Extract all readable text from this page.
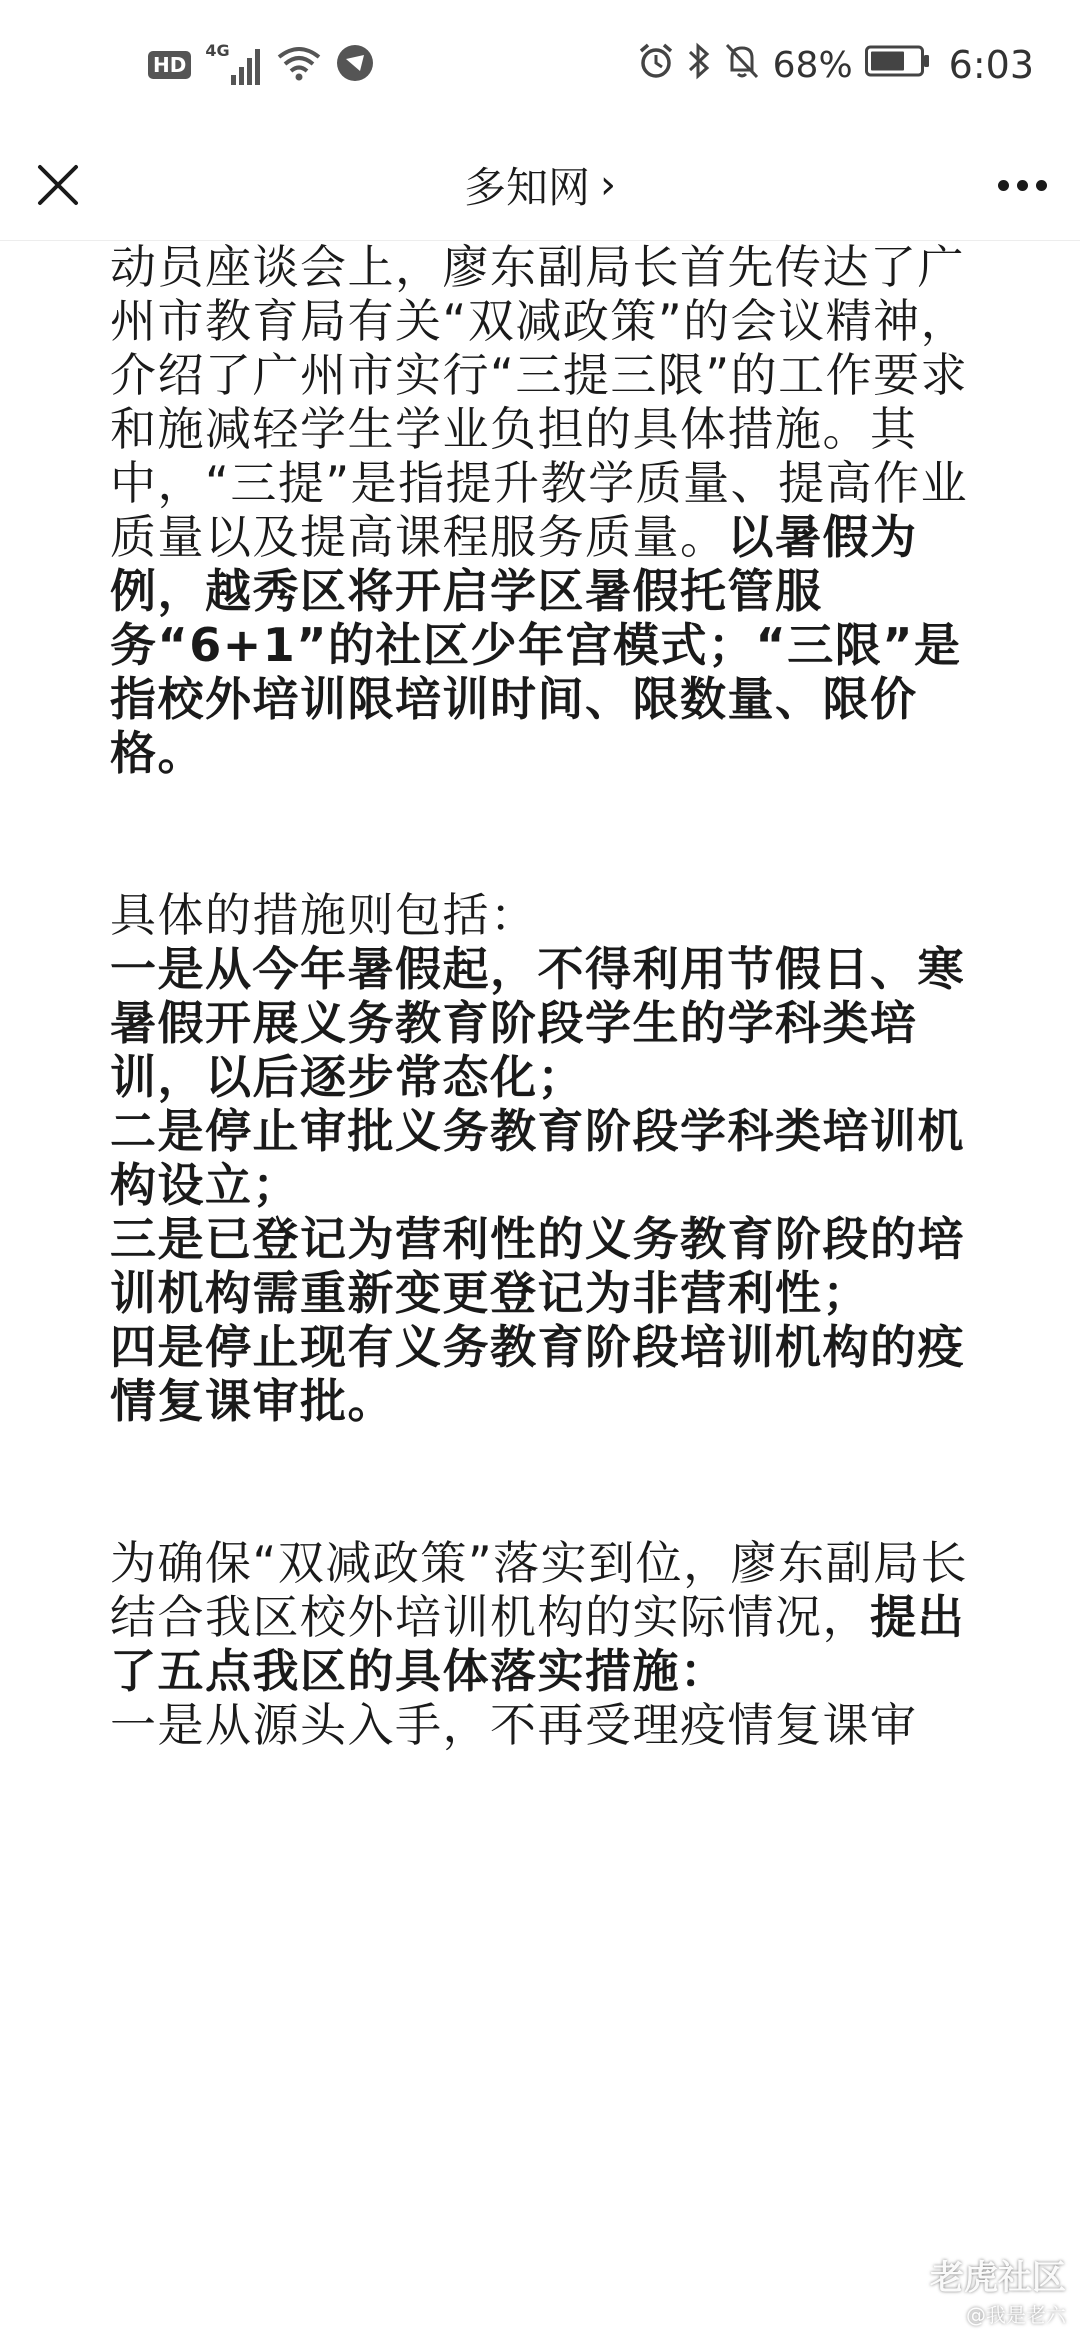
HD
4G	68%	6:03
多知网 ›

动员座谈会上，廖东副局长首先传达了广州市教育局有关“双减政策”的会议精神，介绍了广州市实行“三提三限”的工作要求和施减轻学生学业负担的具体措施。其中，“三提”是指提升教学质量、提高作业质量以及提高课程服务质量。以暑假为例，越秀区将开启学区暑假托管服务“6+1”的社区少年宫模式；“三限”是指校外培训限培训时间、限数量、限价格。

具体的措施则包括：

一是从今年暑假起，不得利用节假日、寒暑假开展义务教育阶段学生的学科类培训，以后逐步常态化；

二是停止审批义务教育阶段学科类培训机构设立；

三是已登记为营利性的义务教育阶段的培训机构需重新变更登记为非营利性；

四是停止现有义务教育阶段培训机构的疫情复课审批。

为确保“双减政策”落实到位，廖东副局长结合我区校外培训机构的实际情况，提出了五点我区的具体落实措施：

一是从源头入手，不再受理疫情复课审

老虎社区
@我是老六
